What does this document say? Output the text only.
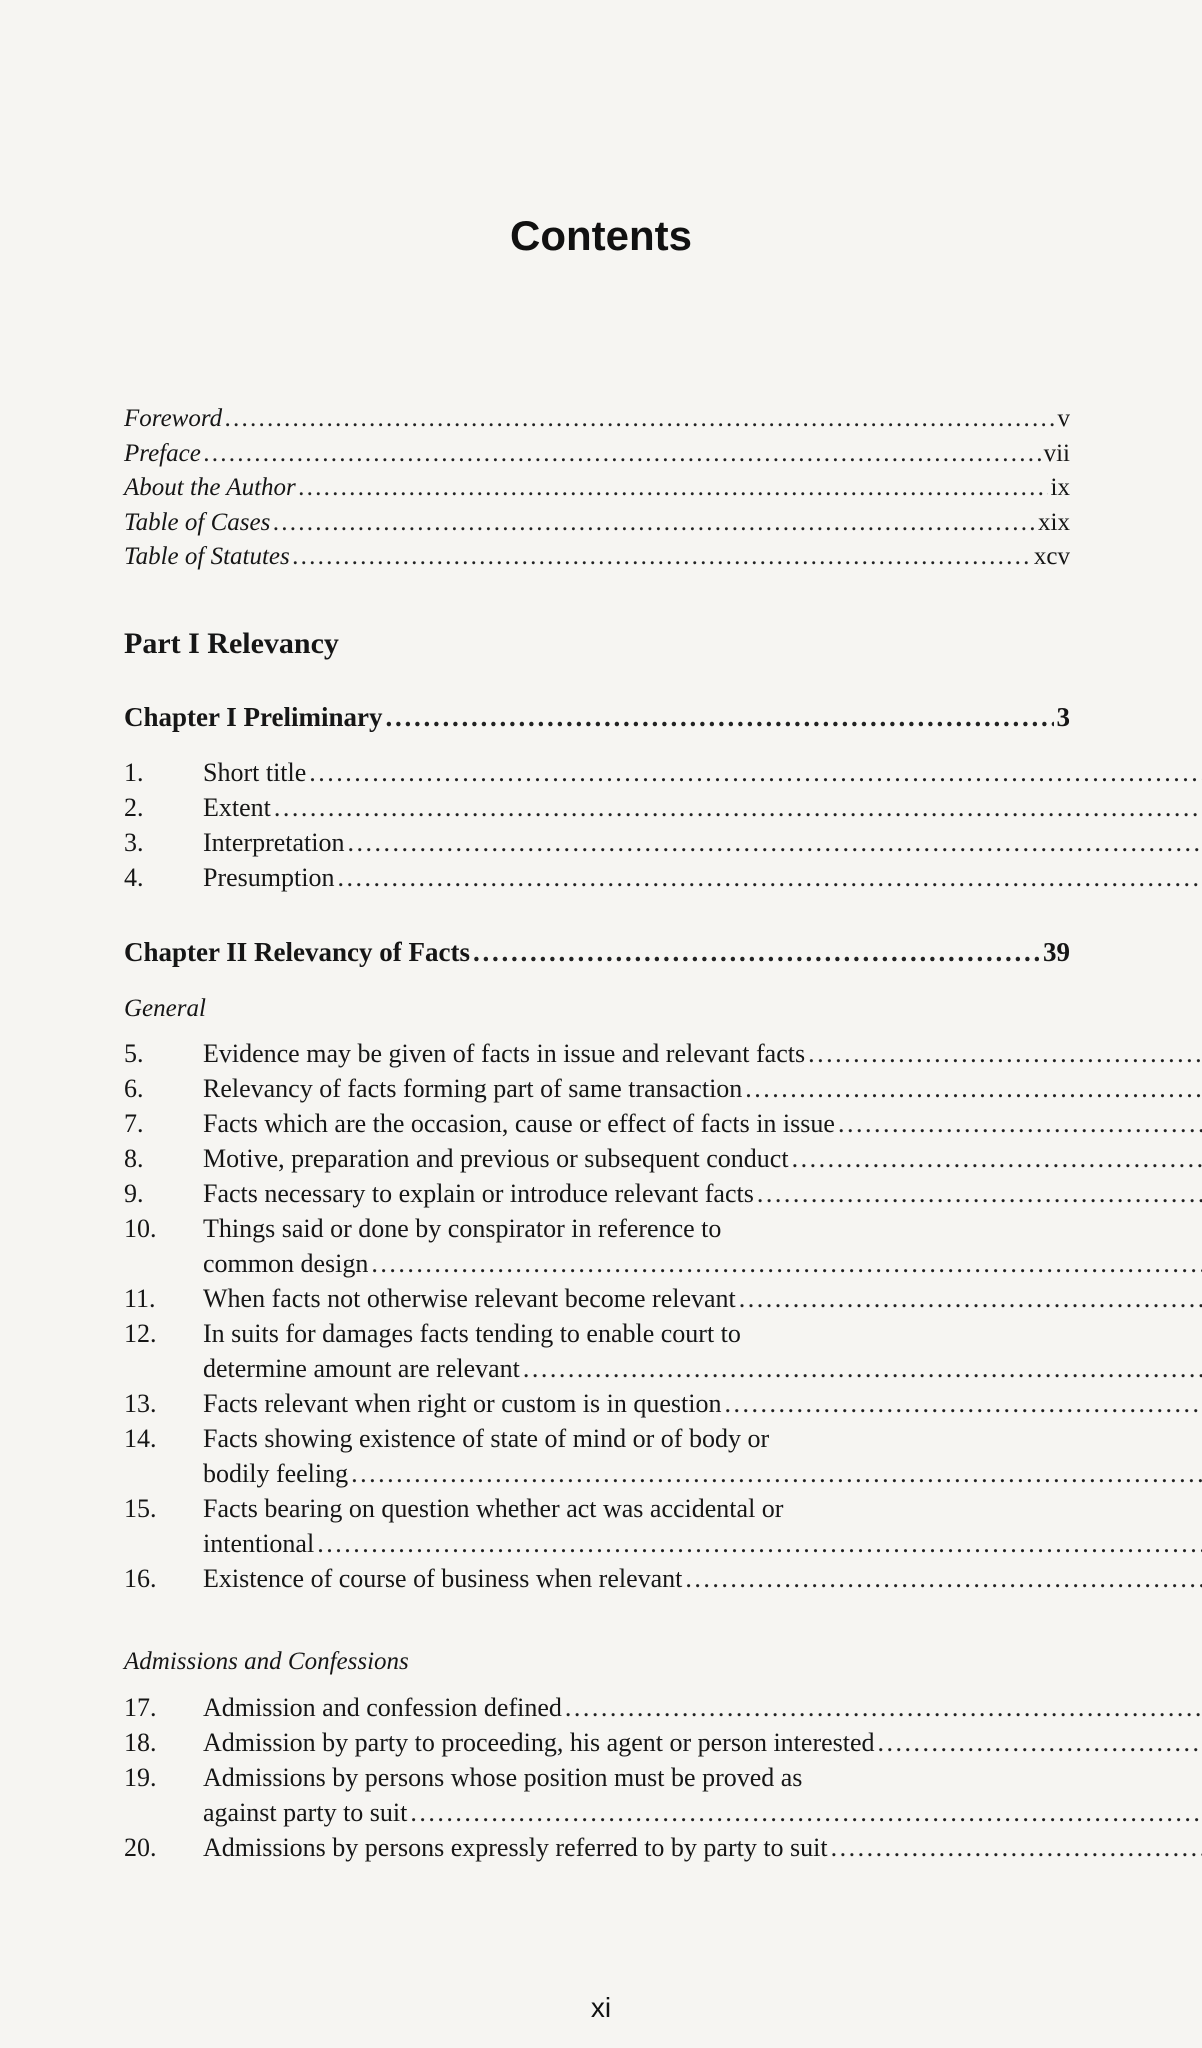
Contents
Foreword . . .	v
Preface . . .	vii
About the Author . . .	ix
Table of Cases . . .	xix
Table of Statutes . . .	xcv
Part I Relevancy
Chapter I Preliminary . . .	3
1.	Short title
. . .
2.	Extent
. . .
3.	Interpretation
. . .
4.	Presumption
. . .
Chapter II Relevancy of Facts . . .	39
General
5.	Evidence may be given of facts in issue and relevant facts
. . .
6.	Relevancy of facts forming part of same transaction
. . .
7.	Facts which are the occasion, cause or effect of facts in issue
. . .
8.	Motive, preparation and previous or subsequent conduct
. . .
9.	Facts necessary to explain or introduce relevant facts
. . .
10.	Things said or done by conspirator in reference to
common design
. . .
11.	When facts not otherwise relevant become relevant
. . .
12.	In suits for damages facts tending to enable court to
determine amount are relevant
. . .
13.	Facts relevant when right or custom is in question
. . .
14.	Facts showing existence of state of mind or of body or
bodily feeling
. . .
15.	Facts bearing on question whether act was accidental or
intentional
. . .
16.	Existence of course of business when relevant
. . .
Admissions and Confessions
17.	Admission and confession defined
. . .
18.	Admission by party to proceeding, his agent or person interested
. . .
19.	Admissions by persons whose position must be proved as
against party to suit
. . .
20.	Admissions by persons expressly referred to by party to suit
. . .
xi
